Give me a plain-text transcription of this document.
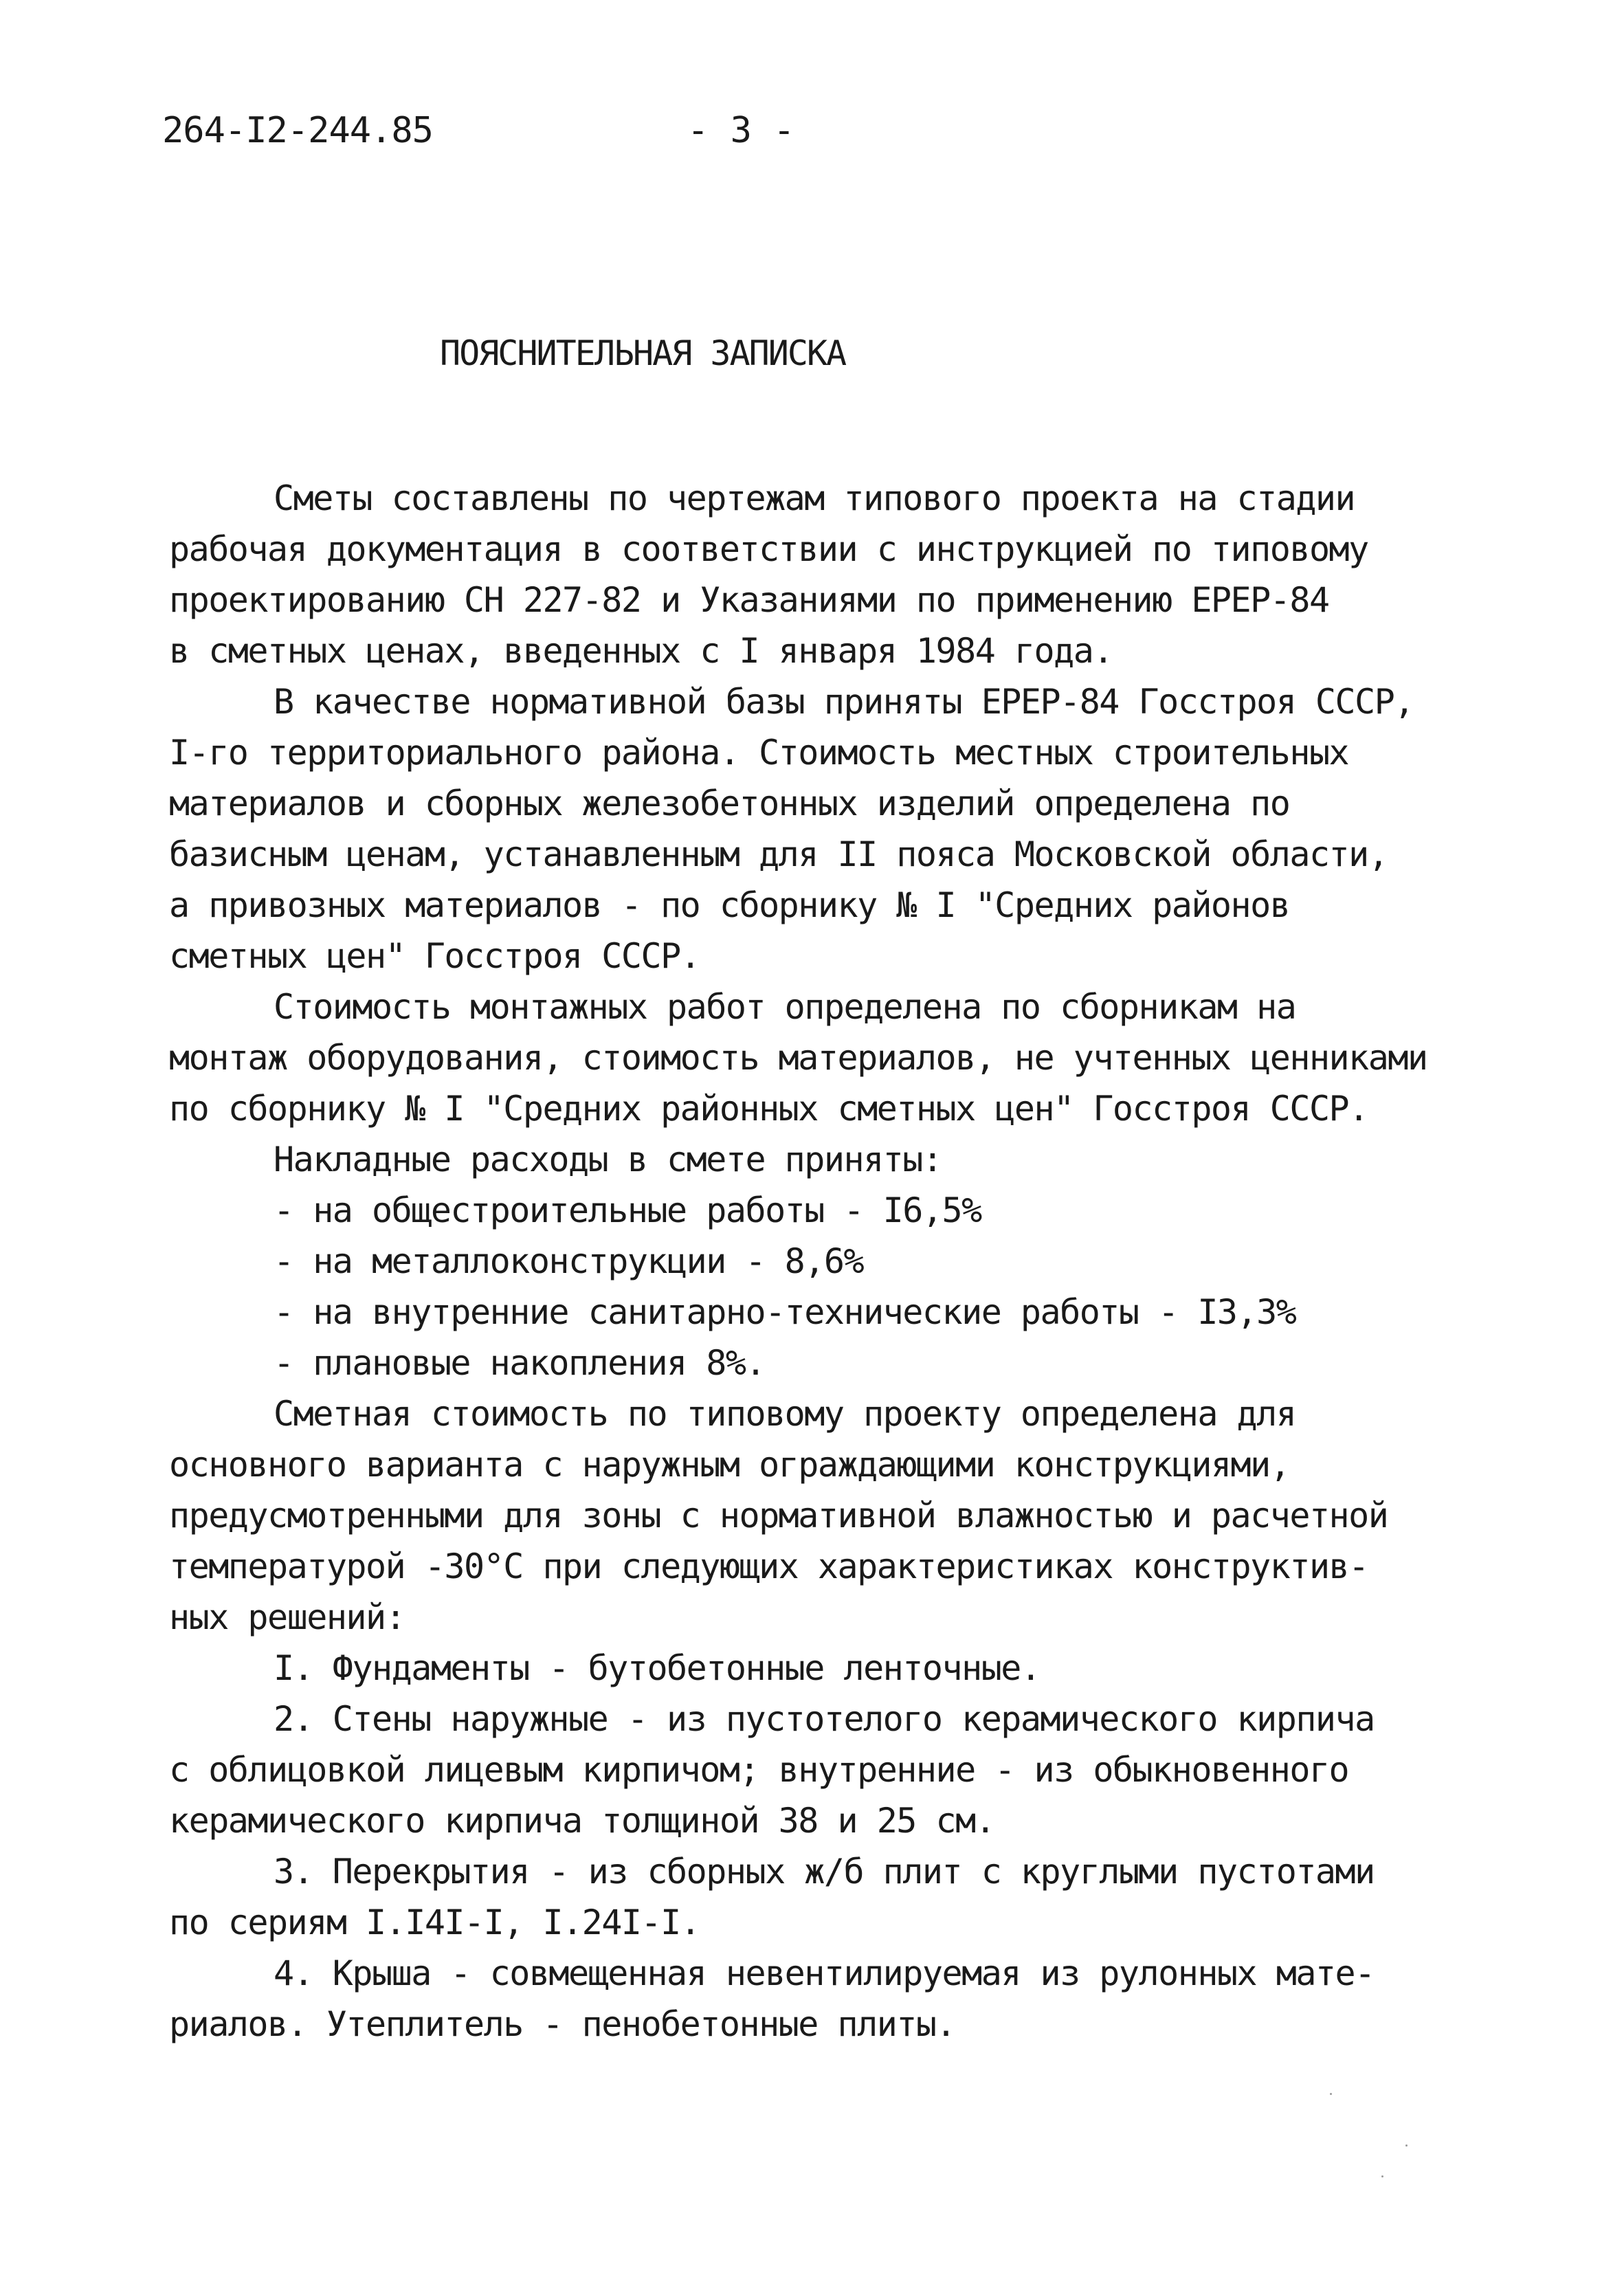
264-I2-244.85	- 3 -
ПОЯСНИТЕЛЬНАЯ ЗАПИСКА
Сметы составлены по чертежам типового проекта на стадии
рабочая документация в соответствии с инструкцией по типовому
проектированию СН 227-82 и Указаниями по применению ЕРЕР-84
в сметных ценах, введенных с I января 1984 года.
В качестве нормативной базы приняты ЕРЕР-84 Госстроя СССР,
I-го территориального района. Стоимость местных строительных
материалов и сборных железобетонных изделий определена по
базисным ценам, устанавленным для II пояса Московской области,
а привозных материалов - по сборнику № I "Средних районов
сметных цен" Госстроя СССР.
Стоимость монтажных работ определена по сборникам на
монтаж оборудования, стоимость материалов, не учтенных ценниками
по сборнику № I "Средних районных сметных цен" Госстроя СССР.
Накладные расходы в смете приняты:
- на общестроительные работы - I6,5%
- на металлоконструкции - 8,6%
- на внутренние санитарно-технические работы - I3,3%
- плановые накопления 8%.
Сметная стоимость по типовому проекту определена для
основного варианта с наружным ограждающими конструкциями,
предусмотренными для зоны с нормативной влажностью и расчетной
температурой -30°С при следующих характеристиках конструктив-
ных решений:
I. Фундаменты - бутобетонные ленточные.
2. Стены наружные - из пустотелого керамического кирпича
с облицовкой лицевым кирпичом; внутренние - из обыкновенного
керамического кирпича толщиной 38 и 25 см.
3. Перекрытия - из сборных ж/б плит с круглыми пустотами
по сериям I.I4I-I, I.24I-I.
4. Крыша - совмещенная невентилируемая из рулонных мате-
риалов. Утеплитель - пенобетонные плиты.
